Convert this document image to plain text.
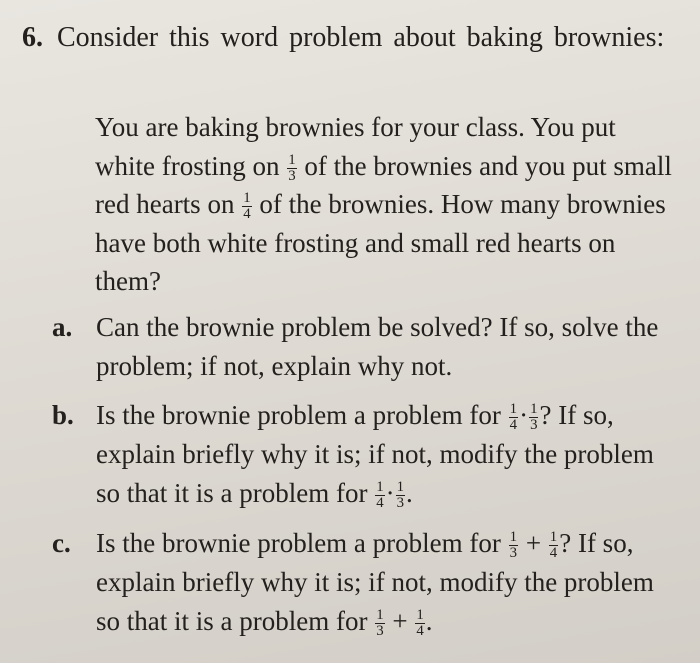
6. Consider this word problem about baking brownies:
You are baking brownies for your class. You put white frosting on $\frac{1}{3}$ of the brownies and you put small red hearts on $\frac{1}{4}$ of the brownies. How many brownies have both white frosting and small red hearts on them?
a. Can the brownie problem be solved? If so, solve the problem; if not, explain why not.
b. Is the brownie problem a problem for $\frac{1}{4} \cdot \frac{1}{3}$ ? If so, explain briefly why it is; if not, modify the problem so that it is a problem for $\frac{1}{4} \cdot \frac{1}{3}$ .
c. Is the brownie problem a problem for $\frac{1}{3} + \frac{1}{4}$ ? If so, explain briefly why it is; if not, modify the problem so that it is a problem for $\frac{1}{3} + \frac{1}{4}$ .
